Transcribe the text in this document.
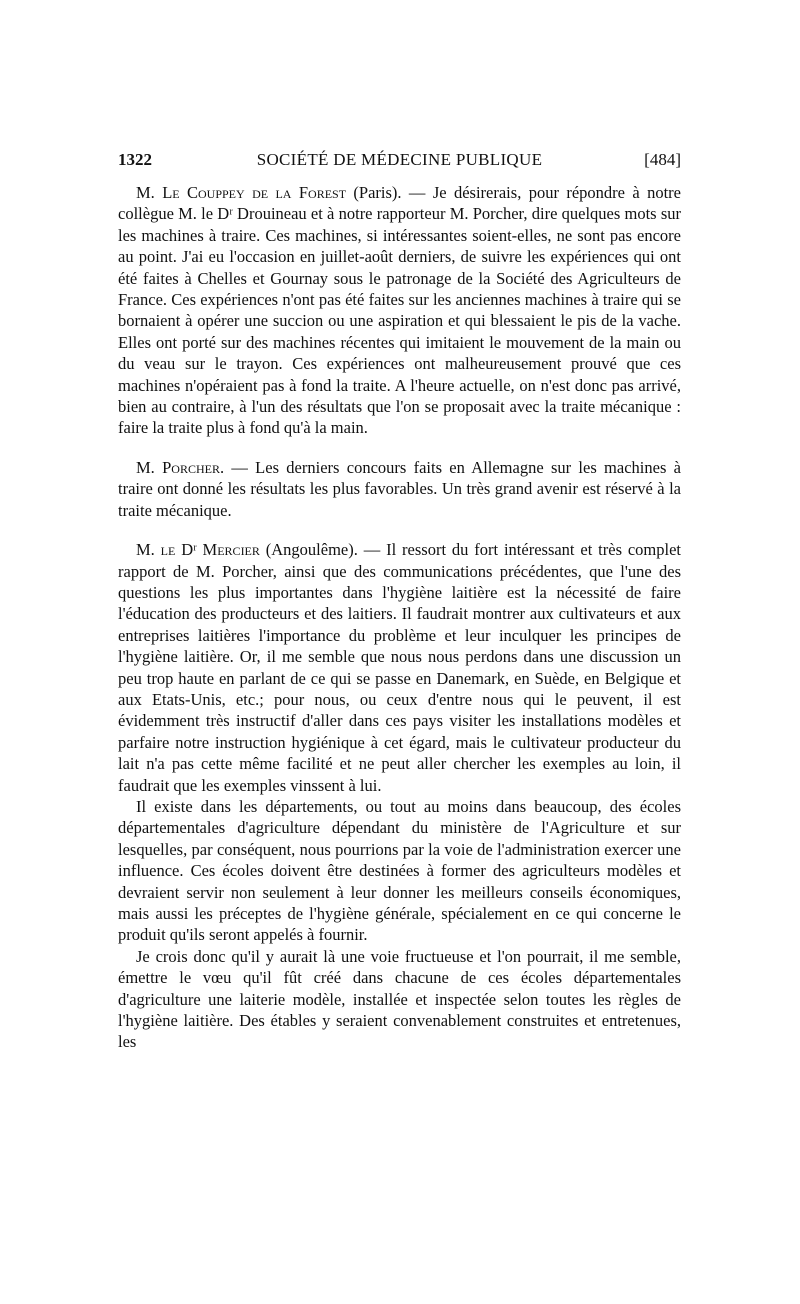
1322	SOCIÉTÉ DE MÉDECINE PUBLIQUE	[484]

M. Le Couppey de la Forest (Paris). — Je désirerais, pour répondre à notre collègue M. le Dʳ Drouineau et à notre rapporteur M. Porcher, dire quelques mots sur les machines à traire. Ces machines, si intéressantes soient-elles, ne sont pas encore au point. J'ai eu l'occasion en juillet-août derniers, de suivre les expériences qui ont été faites à Chelles et Gournay sous le patronage de la Société des Agriculteurs de France. Ces expériences n'ont pas été faites sur les anciennes machines à traire qui se bornaient à opérer une succion ou une aspiration et qui blessaient le pis de la vache. Elles ont porté sur des machines récentes qui imitaient le mouvement de la main ou du veau sur le trayon. Ces expériences ont malheureusement prouvé que ces machines n'opéraient pas à fond la traite. A l'heure actuelle, on n'est donc pas arrivé, bien au contraire, à l'un des résultats que l'on se proposait avec la traite mécanique : faire la traite plus à fond qu'à la main.

M. Porcher. — Les derniers concours faits en Allemagne sur les machines à traire ont donné les résultats les plus favorables. Un très grand avenir est réservé à la traite mécanique.

M. le Dʳ Mercier (Angoulême). — Il ressort du fort intéressant et très complet rapport de M. Porcher, ainsi que des communications précédentes, que l'une des questions les plus importantes dans l'hygiène laitière est la nécessité de faire l'éducation des producteurs et des laitiers. Il faudrait montrer aux cultivateurs et aux entreprises laitières l'importance du problème et leur inculquer les principes de l'hygiène laitière. Or, il me semble que nous nous perdons dans une discussion un peu trop haute en parlant de ce qui se passe en Danemark, en Suède, en Belgique et aux Etats-Unis, etc.; pour nous, ou ceux d'entre nous qui le peuvent, il est évidemment très instructif d'aller dans ces pays visiter les installations modèles et parfaire notre instruction hygiénique à cet égard, mais le cultivateur producteur du lait n'a pas cette même facilité et ne peut aller chercher les exemples au loin, il faudrait que les exemples vinssent à lui.

Il existe dans les départements, ou tout au moins dans beaucoup, des écoles départementales d'agriculture dépendant du ministère de l'Agriculture et sur lesquelles, par conséquent, nous pourrions par la voie de l'administration exercer une influence. Ces écoles doivent être destinées à former des agriculteurs modèles et devraient servir non seulement à leur donner les meilleurs conseils économiques, mais aussi les préceptes de l'hygiène générale, spécialement en ce qui concerne le produit qu'ils seront appelés à fournir.

Je crois donc qu'il y aurait là une voie fructueuse et l'on pourrait, il me semble, émettre le vœu qu'il fût créé dans chacune de ces écoles départementales d'agriculture une laiterie modèle, installée et inspectée selon toutes les règles de l'hygiène laitière. Des étables y seraient convenablement construites et entretenues, les
